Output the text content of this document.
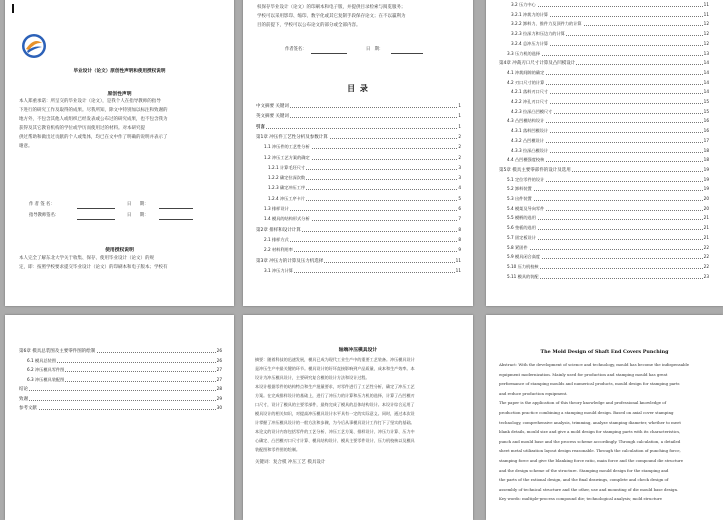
毕业设计（论文）原创性声明和使用授权说明
原创性声明
本人郑重承诺：所呈交的毕业设计（论文），是我个人在指导教师的指导
下进行的研究工作及取得的成果。尽我所知，除文中特别加以标注和致谢的
地方外，不包含其他人或组织已经发表或公布过的研究成果，也不包含我为
获得及其它教育机构的学位或学历而使用过的材料。对本研究提
供过帮助和做出过贡献的个人或集体，均已在文中作了明确的说明并表示了
谢意。
作 者 签 名：	日　　期：
指导教师签名：	日　　期：
使用授权说明
本人完全了解东北大学关于收集、保存、使用毕业设计（论文）的规
定，即：按照学校要求提交毕业设计（论文）的印刷本和电子版本；学校有
权保存毕业设计（论文）的印刷本和电子版，并提供目录检索与阅览服务；
学校可以采用影印、缩印、数字化或其它复制手段保存论文；在不以赢利为
目的前提下，学校可以公布论文的部分或全部内容。
作者签名：	日　期：
目 录
中文摘要 关键词	1
英文摘要 关键词	1
引言	1
第1章 冲压件工艺性分析及参数计算	2
1.1 冲压件的工艺性分析	2
1.2 冲压工艺方案的确定	2
1.2.1 计算毛坯尺寸	3
1.2.2 确定拉深次数	3
1.2.3 确定冲压工序	4
1.2.4 冲压工序卡片	5
1.3 排样设计	6
1.4 模具的结构形式分析	7
第2章 排样和设计计算	8
2.1 排样方式	8
2.2 材料利用率	9
第3章 冲压力的计算及压力机选择	11
3.1 冲压力计算	11
3.2 压力中心	11
3.2.1 冲裁力的计算	11
3.2.2 卸料力、推件力及顶件力的计算	12
3.2.3 拉深力和压边力的计算	12
3.2.4 总冲压力计算	12
3.3 压力机的选择	13
第4章 冲裁刃口尺寸计算及凸凹模设计	14
4.1 冲裁间隙的确定	14
4.2 刃口尺寸的计算	14
4.2.1 落料刃口尺寸	14
4.2.2 冲孔刃口尺寸	15
4.2.3 拉深凸凹模尺寸	15
4.3 凸凹模结构设计	16
4.3.1 落料凹模设计	16
4.3.2 凸凹模设计	17
4.3.3 拉深凸模设计	18
4.4 凸凹模强度校核	18
第5章 模具主要零部件的设计及选用	19
5.1 定位零件的设计	19
5.2 卸料装置	19
5.3 出件装置	20
5.4 模架及导向零件	20
5.5 模柄的选用	21
5.6 垫板的选用	21
5.7 固定板设计	21
5.8 紧固件	22
5.9 模具闭合高度	22
5.10 压力机校核	22
5.11 模具的装配	23
第6章 模具总装图及主要零件图的绘制	26
6.1 模具总装图	26
6.2 冲压模具零件图	27
6.3 冲压模具装配图	27
结论	28
致谢	29
参考文献	30
轴端冲压模具设计
摘要：随着科技的迅速发展，模具已成为现代工业生产中的重要工艺装备。冲压模具设计
是冲压生产中最关键的环节。模具设计的好坏直接影响到产品质量、成本和生产效率。本
设计为冲压模具设计，主要研究复合模的设计方法和设计过程。
本设计根据零件的结构特点和生产批量要求，对零件进行了工艺性分析，确定了冲压工艺
方案。在完成排样设计的基础上，进行了冲压力的计算和压力机的选择，计算了凸凹模刃
口尺寸，设计了模具的主要零部件，最终完成了模具的总体结构设计。本设计综合运用了
模具设计的相关知识，对提高冲压模具设计水平具有一定的实际意义。同时，通过本次设
计掌握了冲压模具设计的一般方法和步骤，为今后从事模具设计工作打下了坚实的基础。
本论文的设计内容包括零件的工艺分析、冲压工艺方案、排样设计、冲压力计算、压力中
心确定、凸凹模刃口尺寸计算、模具结构设计、模具主要零件设计、压力机校核以及模具
装配图和零件图的绘制。
关键词：复合模 冲压工艺 模具设计
The Mold Design of Shaft End Covers Punching
Abstract: With the development of science and technology, mould has become the indispensable
equipment modernization. Mainly used for production and stamping mould has great
performance of stamping moulds and numerical products, mould design for stamping parts
and reduce production equipment.
The paper is the application of this theory knowledge and professional knowledge of
production practice combining a stamping mould design. Based on axial cover stamping
technology, comprehensive analysis, trimming, analyze stamping diameter, whether to meet
blank details, mould size and give a mold design for stamping parts with its characteristics,
punch and mould base and the process scheme accordingly. Through calculation, a detailed
sheet metal utilization layout design reasonable. Through the calculation of punching force,
stamping force and give the blanking force ratio, main force and the compound die structure
and the design scheme of the structure. Stamping mould design for the stamping and
the parts of the rational design, and the final drawings, complete and check design of
assembly of technical structure and the other, use and mounting of die mould base design.
Key words: multiple-process compound die; technological analysis; mold structure
